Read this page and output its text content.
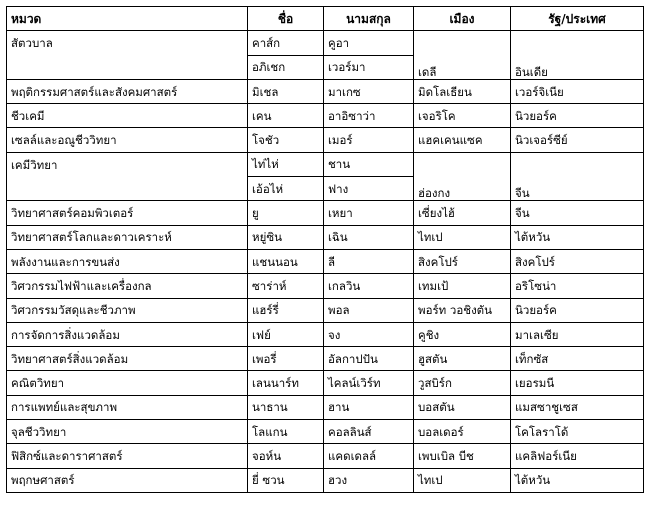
หมวด	ชื่อ	นามสกุล	เมือง	รัฐ/ประเทศ
สัตวบาล	คาส์ก	คูอา	เดลี	อินเดีย
	อภิเชก	เวอร์มา		
พฤติกรรมศาสตร์และสังคมศาสตร์	มิเชล	มาเกซ	มิดโลเธียน	เวอร์จิเนีย
ชีวเคมี	เคน	อาอิซาว่า	เจอริโค	นิวยอร์ค
เซลล์และอณูชีววิทยา	โจชัว	เมอร์	แฮคเคนแซค	นิวเจอร์ซีย์
เคมีวิทยา	ไท่ไห่	ชาน	ฮ่องกง	จีน
	เอ้อไห่	ฟาง		
วิทยาศาสตร์คอมพิวเตอร์	ยู	เหยา	เซี่ยงไฮ้	จีน
วิทยาศาสตร์โลกและดาวเคราะห์	หยู่ซิน	เฉิน	ไทเป	ไต้หวัน
พลังงานและการขนส่ง	แชนนอน	ลี	สิงคโปร์	สิงคโปร์
วิศวกรรมไฟฟ้าและเครื่องกล	ซาร่าห์	เกลวิน	เทมเป้	อริโซน่า
วิศวกรรมวัสดุและชีวภาพ	แฮร์รี่	พอล	พอร์ท วอชิงตัน	นิวยอร์ค
การจัดการสิ่งแวดล้อม	เฟย์	จง	คูชิง	มาเลเซีย
วิทยาศาสตร์สิ่งแวดล้อม	เพอรี่	อัลกาปปัน	ฮูสตัน	เท็กซัส
คณิตวิทยา	เลนนาร์ท	ไคลน์เวิร์ท	วูสบิร์ก	เยอรมนี
การแพทย์และสุขภาพ	นาธาน	ฮาน	บอสตัน	แมสซาชูเซส
จุลชีววิทยา	โลแกน	คอลลินส์	บอลเดอร์	โคโลราโด้
ฟิสิกซ์และดาราศาสตร์	จอห์น	แคดเดลล์	เพบเบิล บีช	แคลิฟอร์เนีย
พฤกษศาสตร์	ยี่ ซวน	ฮวง	ไทเป	ไต้หวัน
